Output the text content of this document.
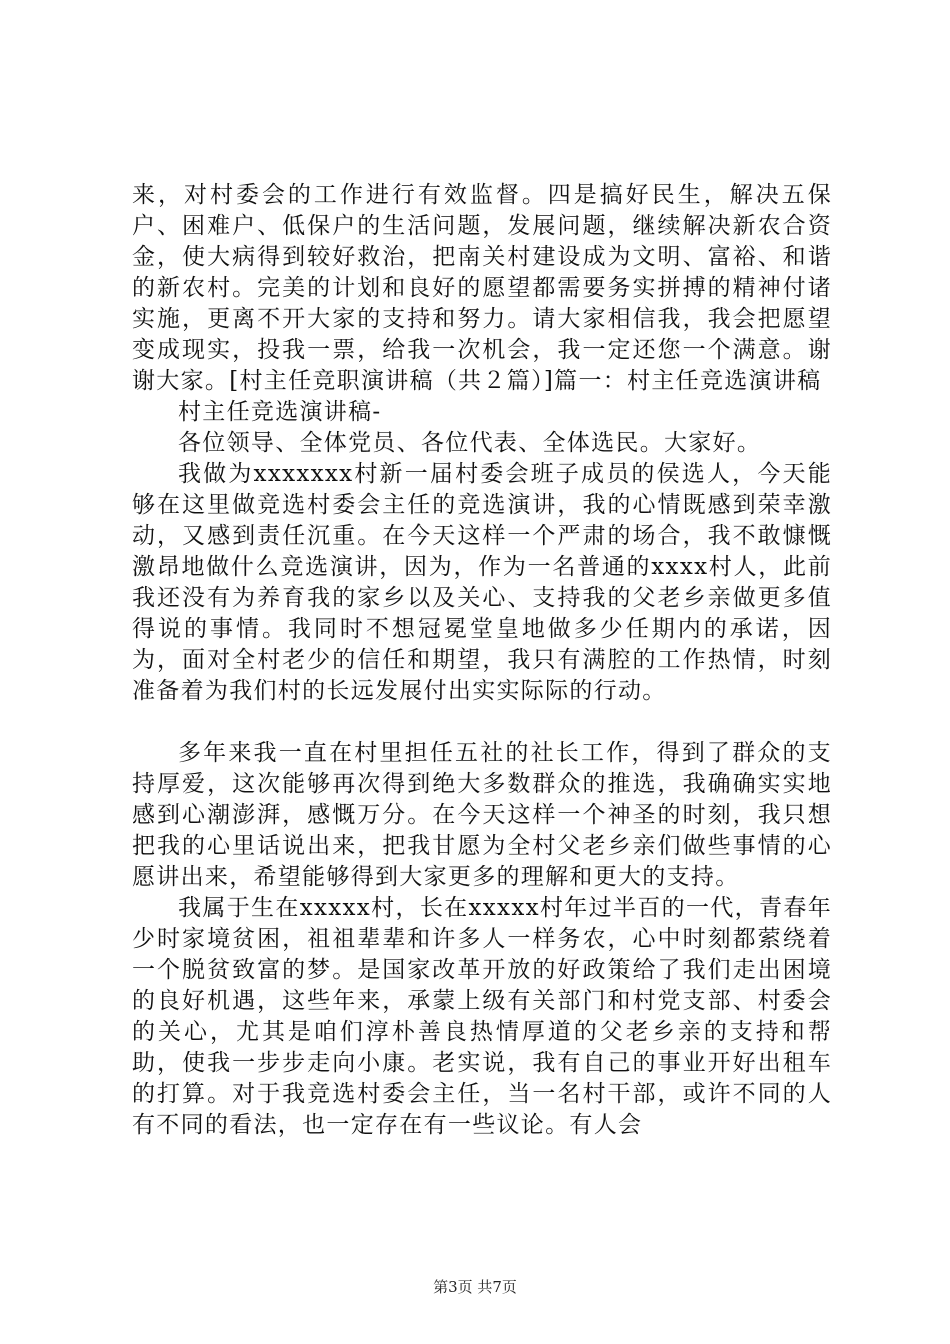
来，对村委会的工作进行有效监督。四是搞好民生，解决五保户、困难户、低保户的生活问题，发展问题，继续解决新农合资金，使大病得到较好救治，把南关村建设成为文明、富裕、和谐的新农村。完美的计划和良好的愿望都需要务实拼搏的精神付诸实施，更离不开大家的支持和努力。请大家相信我，我会把愿望变成现实，投我一票，给我一次机会，我一定还您一个满意。谢谢大家。[村主任竞职演讲稿（共２篇）]篇一：村主任竞选演讲稿

村主任竞选演讲稿-

各位领导、全体党员、各位代表、全体选民。大家好。

我做为xxxxxxx村新一届村委会班子成员的侯选人，今天能够在这里做竞选村委会主任的竞选演讲，我的心情既感到荣幸激动，又感到责任沉重。在今天这样一个严肃的场合，我不敢慷慨激昂地做什么竞选演讲，因为，作为一名普通的xxxx村人，此前我还没有为养育我的家乡以及关心、支持我的父老乡亲做更多值得说的事情。我同时不想冠冕堂皇地做多少任期内的承诺，因为，面对全村老少的信任和期望，我只有满腔的工作热情，时刻准备着为我们村的长远发展付出实实际际的行动。

多年来我一直在村里担任五社的社长工作，得到了群众的支持厚爱，这次能够再次得到绝大多数群众的推选，我确确实实地感到心潮澎湃，感慨万分。在今天这样一个神圣的时刻，我只想把我的心里话说出来，把我甘愿为全村父老乡亲们做些事情的心愿讲出来，希望能够得到大家更多的理解和更大的支持。

我属于生在xxxxx村，长在xxxxx村年过半百的一代，青春年少时家境贫困，祖祖辈辈和许多人一样务农，心中时刻都萦绕着一个脱贫致富的梦。是国家改革开放的好政策给了我们走出困境的良好机遇，这些年来，承蒙上级有关部门和村党支部、村委会的关心，尤其是咱们淳朴善良热情厚道的父老乡亲的支持和帮助，使我一步步走向小康。老实说，我有自己的事业开好出租车的打算。对于我竞选村委会主任，当一名村干部，或许不同的人有不同的看法，也一定存在有一些议论。有人会

第3页 共7页
